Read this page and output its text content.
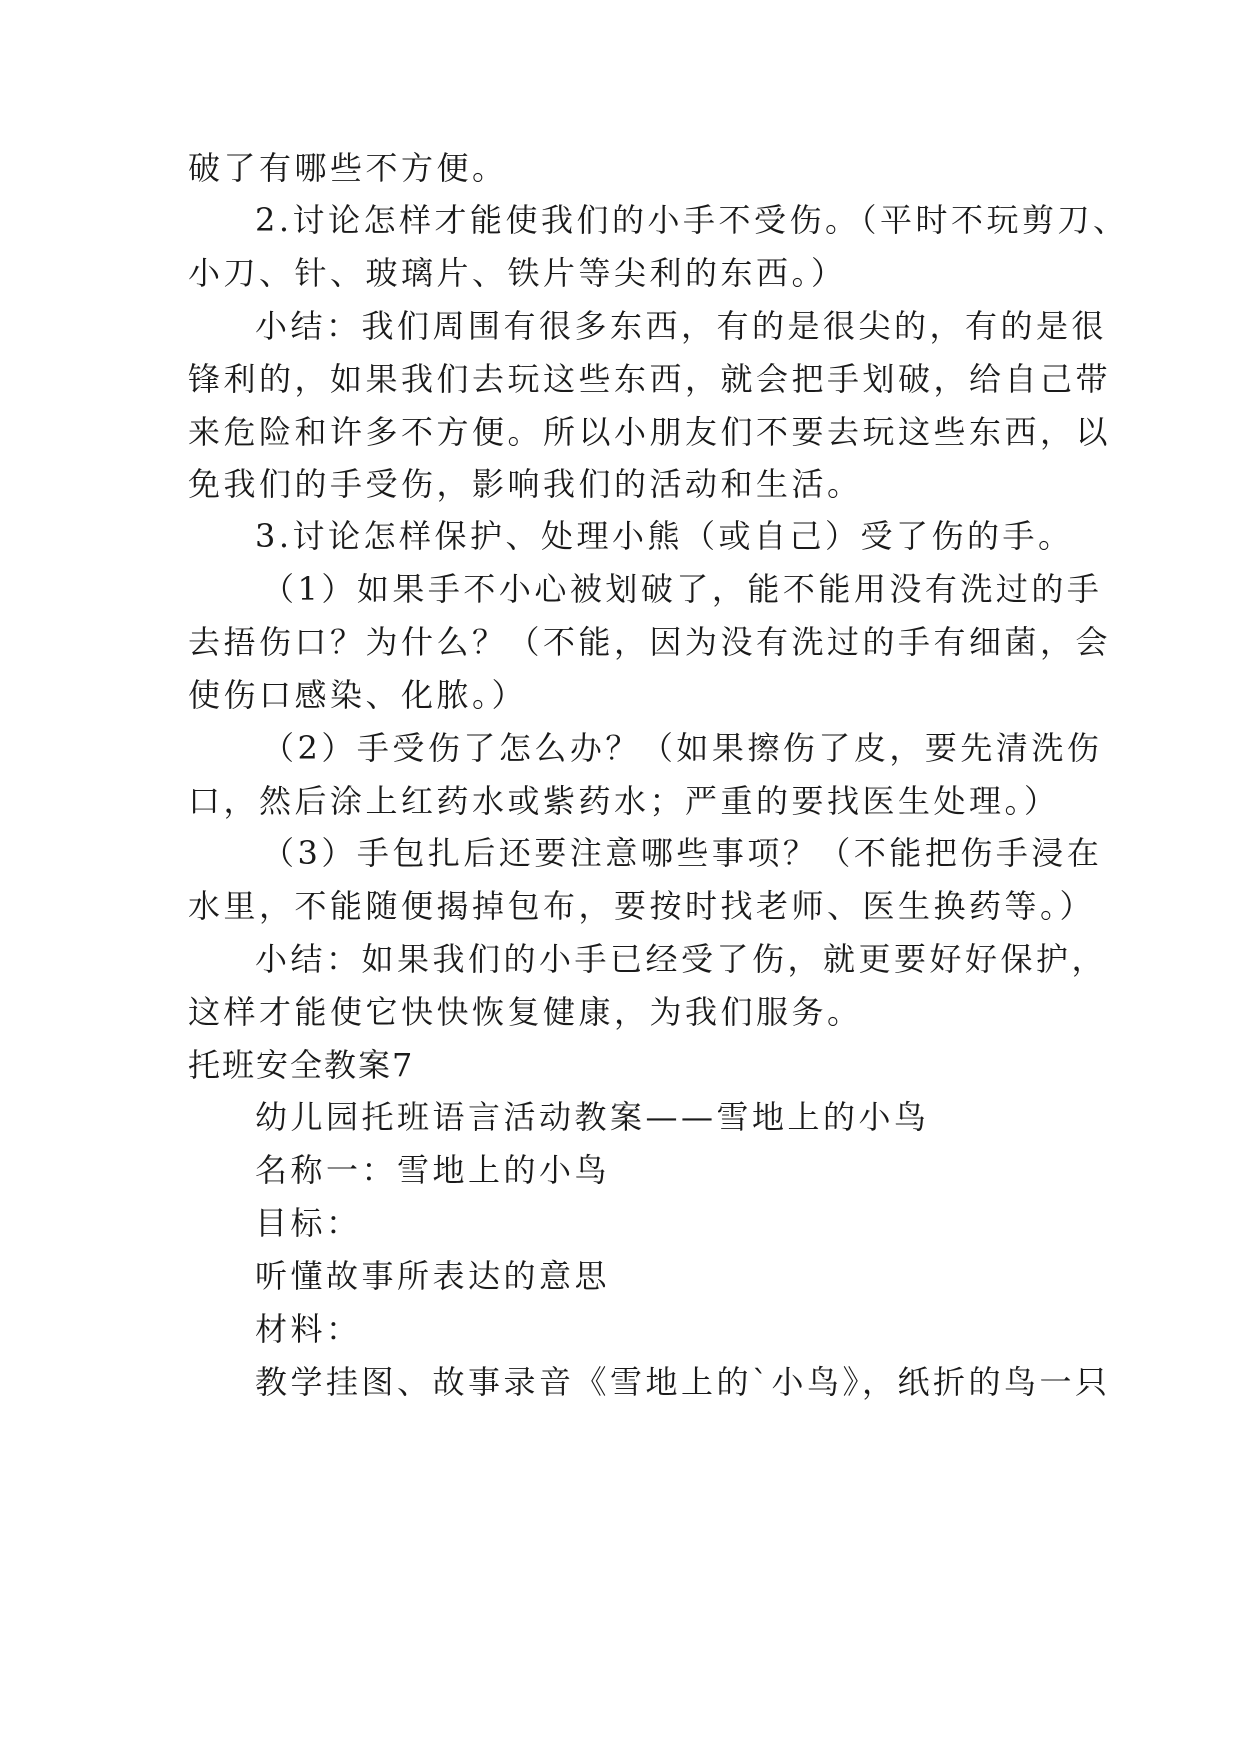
破了有哪些不方便。
2.讨论怎样才能使我们的小手不受伤。（平时不玩剪刀、
小刀、针、玻璃片、铁片等尖利的东西。）
小结：我们周围有很多东西，有的是很尖的，有的是很
锋利的，如果我们去玩这些东西，就会把手划破，给自己带
来危险和许多不方便。所以小朋友们不要去玩这些东西，以
免我们的手受伤，影响我们的活动和生活。
3.讨论怎样保护、处理小熊（或自己）受了伤的手。
（1）如果手不小心被划破了，能不能用没有洗过的手
去捂伤口？为什么？（不能，因为没有洗过的手有细菌，会
使伤口感染、化脓。）
（2）手受伤了怎么办？（如果擦伤了皮，要先清洗伤
口，然后涂上红药水或紫药水；严重的要找医生处理。）
（3）手包扎后还要注意哪些事项？（不能把伤手浸在
水里，不能随便揭掉包布，要按时找老师、医生换药等。）
小结：如果我们的小手已经受了伤，就更要好好保护，
这样才能使它快快恢复健康，为我们服务。
托班安全教案7
幼儿园托班语言活动教案——雪地上的小鸟
名称一：雪地上的小鸟
目标：
听懂故事所表达的意思
材料：
教学挂图、故事录音《雪地上的`小鸟》，纸折的鸟一只
